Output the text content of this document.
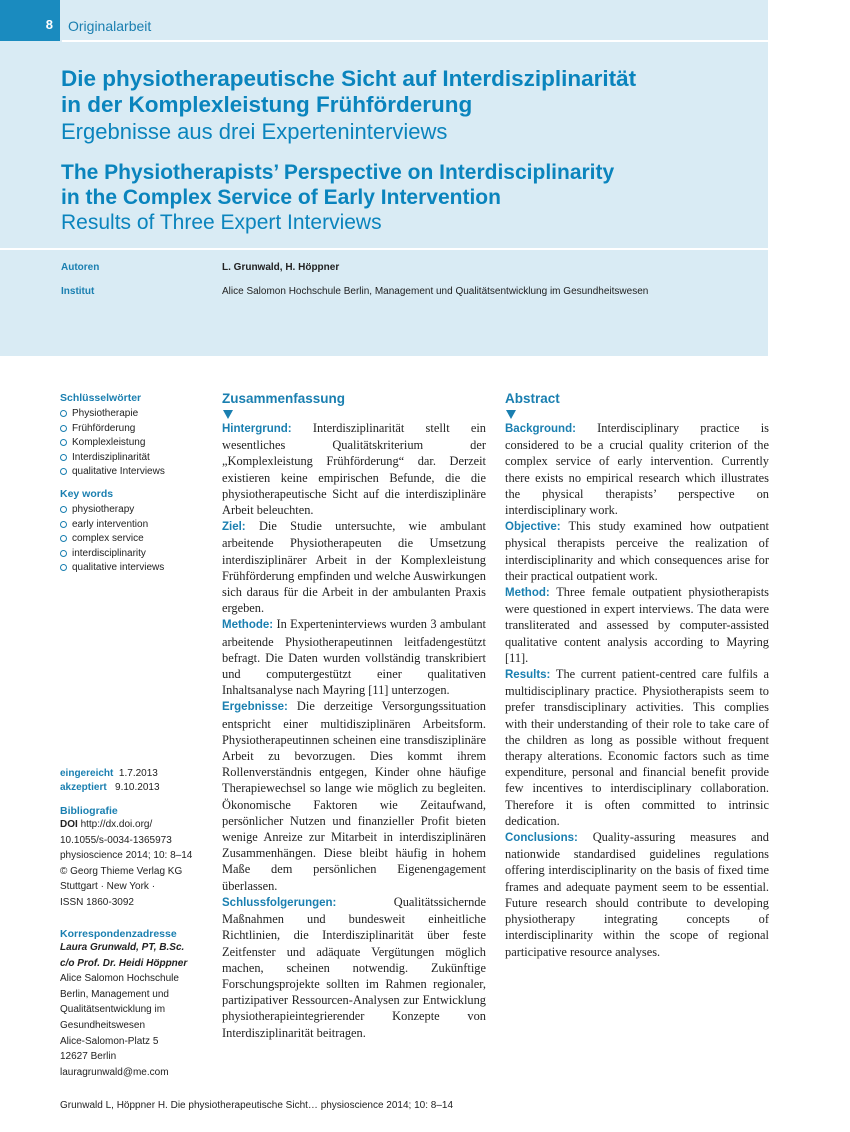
8 Originalarbeit
Die physiotherapeutische Sicht auf Interdisziplinarität
in der Komplexleistung Frühförderung
Ergebnisse aus drei Experteninterviews
The Physiotherapists’ Perspective on Interdisciplinarity
in the Complex Service of Early Intervention
Results of Three Expert Interviews
Autoren	L. Grunwald, H. Höppner
Institut	Alice Salomon Hochschule Berlin, Management und Qualitätsentwicklung im Gesundheitswesen
Schlüsselwörter
Physiotherapie
Frühförderung
Komplexleistung
Interdisziplinarität
qualitative Interviews
Key words
physiotherapy
early intervention
complex service
interdisciplinarity
qualitative interviews
eingereicht 1.7.2013
akzeptiert 9.10.2013
Bibliografie
DOI http://dx.doi.org/
10.1055/s-0034-1365973
physioscience 2014; 10: 8–14
© Georg Thieme Verlag KG
Stuttgart · New York ·
ISSN 1860-3092
Korrespondenzadresse
Laura Grunwald, PT, B.Sc.
c/o Prof. Dr. Heidi Höppner
Alice Salomon Hochschule
Berlin, Management und
Qualitätsentwicklung im
Gesundheitswesen
Alice-Salomon-Platz 5
12627 Berlin
lauragrunwald@me.com
Zusammenfassung
Hintergrund: Interdisziplinarität stellt ein wesentliches Qualitätskriterium der „Komplexleistung Frühförderung“ dar. Derzeit existieren keine empirischen Befunde, die die physiotherapeutische Sicht auf die interdisziplinäre Arbeit beleuchten.
Ziel: Die Studie untersuchte, wie ambulant arbeitende Physiotherapeuten die Umsetzung interdisziplinärer Arbeit in der Komplexleistung Frühförderung empfinden und welche Auswirkungen sich daraus für die Arbeit in der ambulanten Praxis ergeben.
Methode: In Experteninterviews wurden 3 ambulant arbeitende Physiotherapeutinnen leitfadengestützt befragt. Die Daten wurden vollständig transkribiert und computergestützt einer qualitativen Inhaltsanalyse nach Mayring [11] unterzogen.
Ergebnisse: Die derzeitige Versorgungssituation entspricht einer multidisziplinären Arbeitsform. Physiotherapeutinnen scheinen eine transdisziplinäre Arbeit zu bevorzugen. Dies kommt ihrem Rollenverständnis entgegen, Kinder ohne häufige Therapiewechsel so lange wie möglich zu begleiten. Ökonomische Faktoren wie Zeitaufwand, persönlicher Nutzen und finanzieller Profit bieten wenige Anreize zur Mitarbeit in interdisziplinären Zusammenhängen. Diese bleibt häufig in hohem Maße dem persönlichen Eigenengagement überlassen.
Schlussfolgerungen:	Qualitätssichernde Maßnahmen und bundesweit einheitliche Richtlinien, die Interdisziplinarität über feste Zeitfenster und adäquate Vergütungen möglich machen, scheinen notwendig. Zukünftige Forschungsprojekte sollten im Rahmen regionaler, partizipativer Ressourcen-Analysen zur Entwicklung physiotherapieintegrierender Konzepte von Interdisziplinarität beitragen.
Abstract
Background: Interdisciplinary practice is considered to be a crucial quality criterion of the complex service of early intervention. Currently there exists no empirical research which illustrates the physical therapists’ perspective on interdisciplinary work.
Objective: This study examined how outpatient physical therapists perceive the realization of interdisciplinarity and which consequences arise for their practical outpatient work.
Method: Three female outpatient physiotherapists were questioned in expert interviews. The data were transliterated and assessed by computer-assisted qualitative content analysis according to Mayring [11].
Results: The current patient-centred care fulfils a multidisciplinary practice. Physiotherapists seem to prefer transdisciplinary activities. This complies with their understanding of their role to take care of the children as long as possible without frequent therapy alterations. Economic factors such as time expenditure, personal and financial benefit provide few incentives to interdisciplinary collaboration. Therefore it is often committed to intrinsic dedication.
Conclusions: Quality-assuring measures and nationwide standardised guidelines regulations offering interdisciplinarity on the basis of fixed time frames and adequate payment seem to be essential. Future research should contribute to developing physiotherapy integrating concepts of interdisciplinarity within the scope of regional participative resource analyses.
Grunwald L, Höppner H. Die physiotherapeutische Sicht… physioscience 2014; 10: 8–14
